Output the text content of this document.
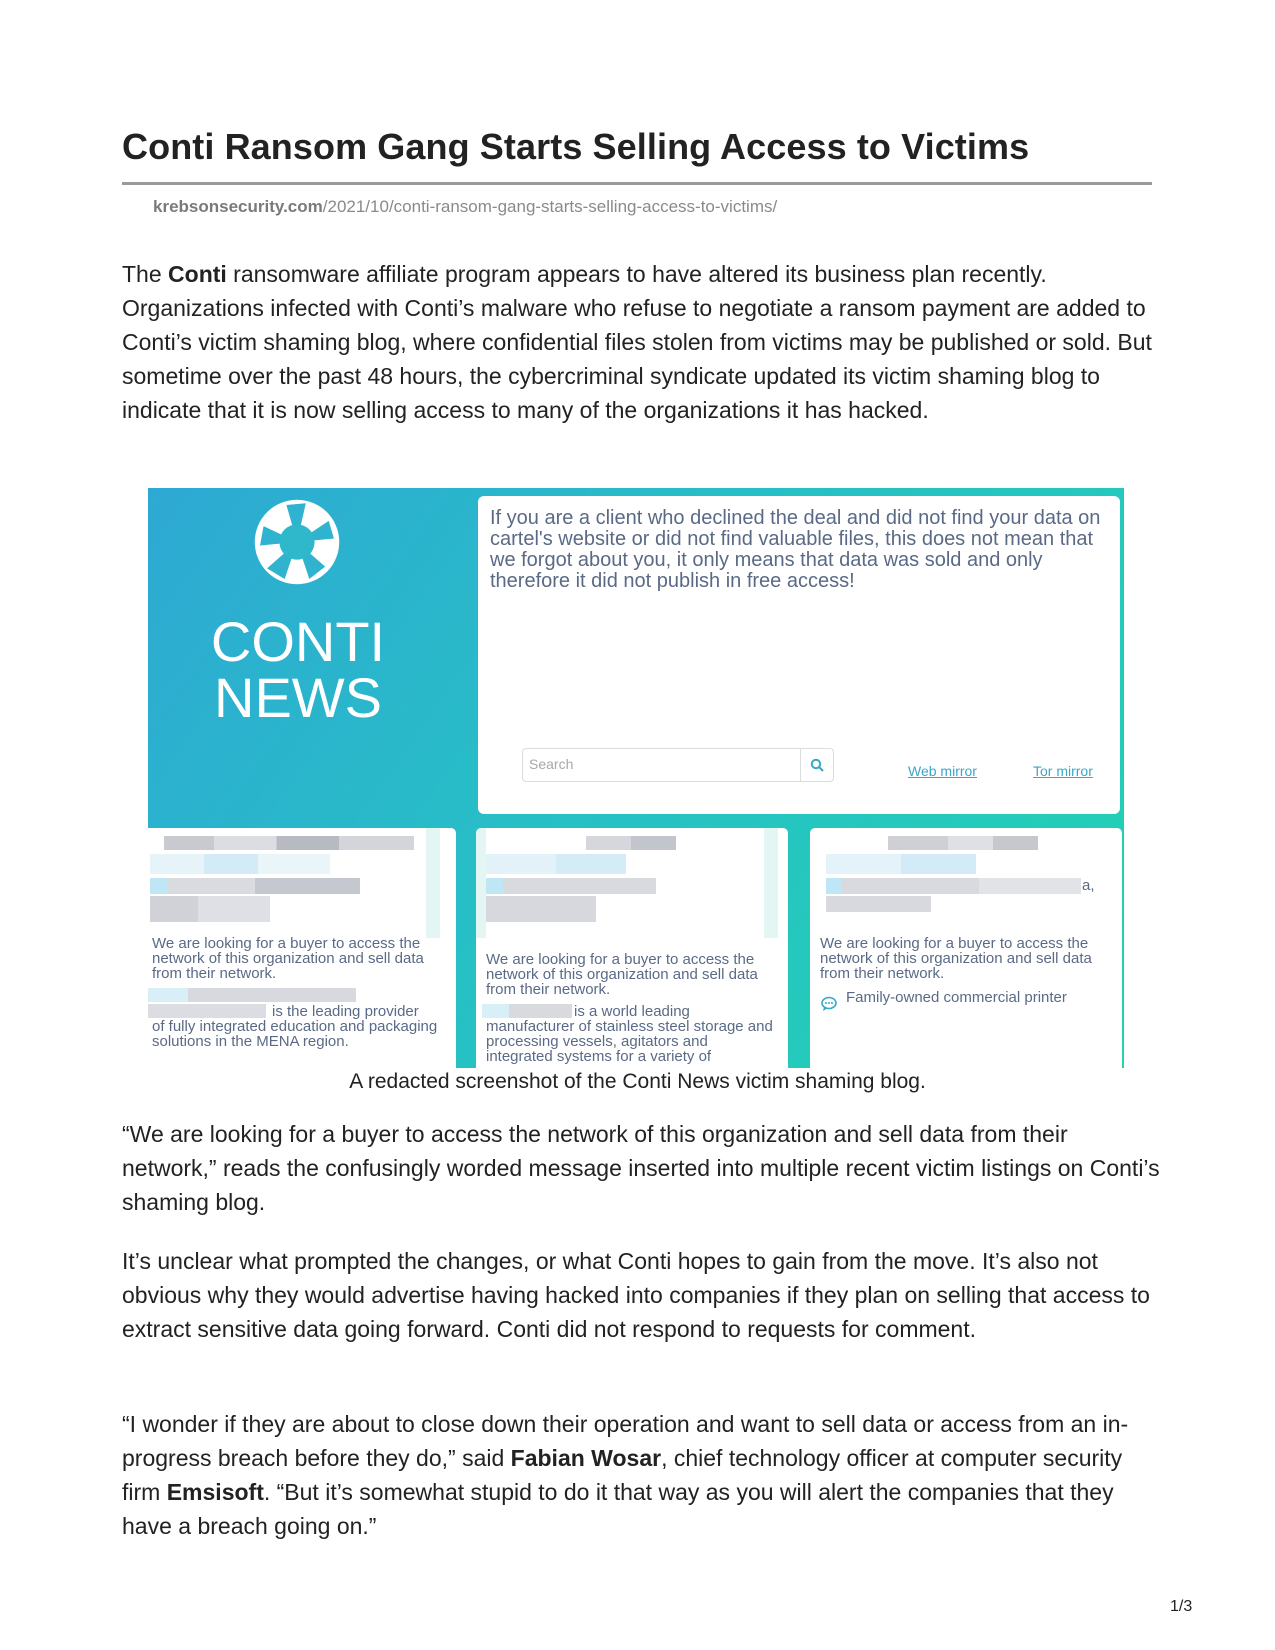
Conti Ransom Gang Starts Selling Access to Victims
krebsonsecurity.com/2021/10/conti-ransom-gang-starts-selling-access-to-victims/

The Conti ransomware affiliate program appears to have altered its business plan recently. Organizations infected with Conti’s malware who refuse to negotiate a ransom payment are added to Conti’s victim shaming blog, where confidential files stolen from victims may be published or sold. But sometime over the past 48 hours, the cybercriminal syndicate updated its victim shaming blog to indicate that it is now selling access to many of the organizations it has hacked.

CONTI
NEWS

If you are a client who declined the deal and did not find your data on cartel's website or did not find valuable files, this does not mean that we forgot about you, it only means that data was sold and only therefore it did not publish in free access!

Search
Web mirror	Tor mirror

We are looking for a buyer to access the network of this organization and sell data from their network.

is the leading provider

of fully integrated education and packaging solutions in the MENA region.

We are looking for a buyer to access the network of this organization and sell data from their network.

is a world leading

manufacturer of stainless steel storage and processing vessels, agitators and integrated systems for a variety of

a,

We are looking for a buyer to access the network of this organization and sell data from their network.

Family-owned commercial printer

A redacted screenshot of the Conti News victim shaming blog.

“We are looking for a buyer to access the network of this organization and sell data from their network,” reads the confusingly worded message inserted into multiple recent victim listings on Conti’s shaming blog.

It’s unclear what prompted the changes, or what Conti hopes to gain from the move. It’s also not obvious why they would advertise having hacked into companies if they plan on selling that access to extract sensitive data going forward. Conti did not respond to requests for comment.

“I wonder if they are about to close down their operation and want to sell data or access from an in-progress breach before they do,” said Fabian Wosar, chief technology officer at computer security firm Emsisoft. “But it’s somewhat stupid to do it that way as you will alert the companies that they have a breach going on.”

1/3
